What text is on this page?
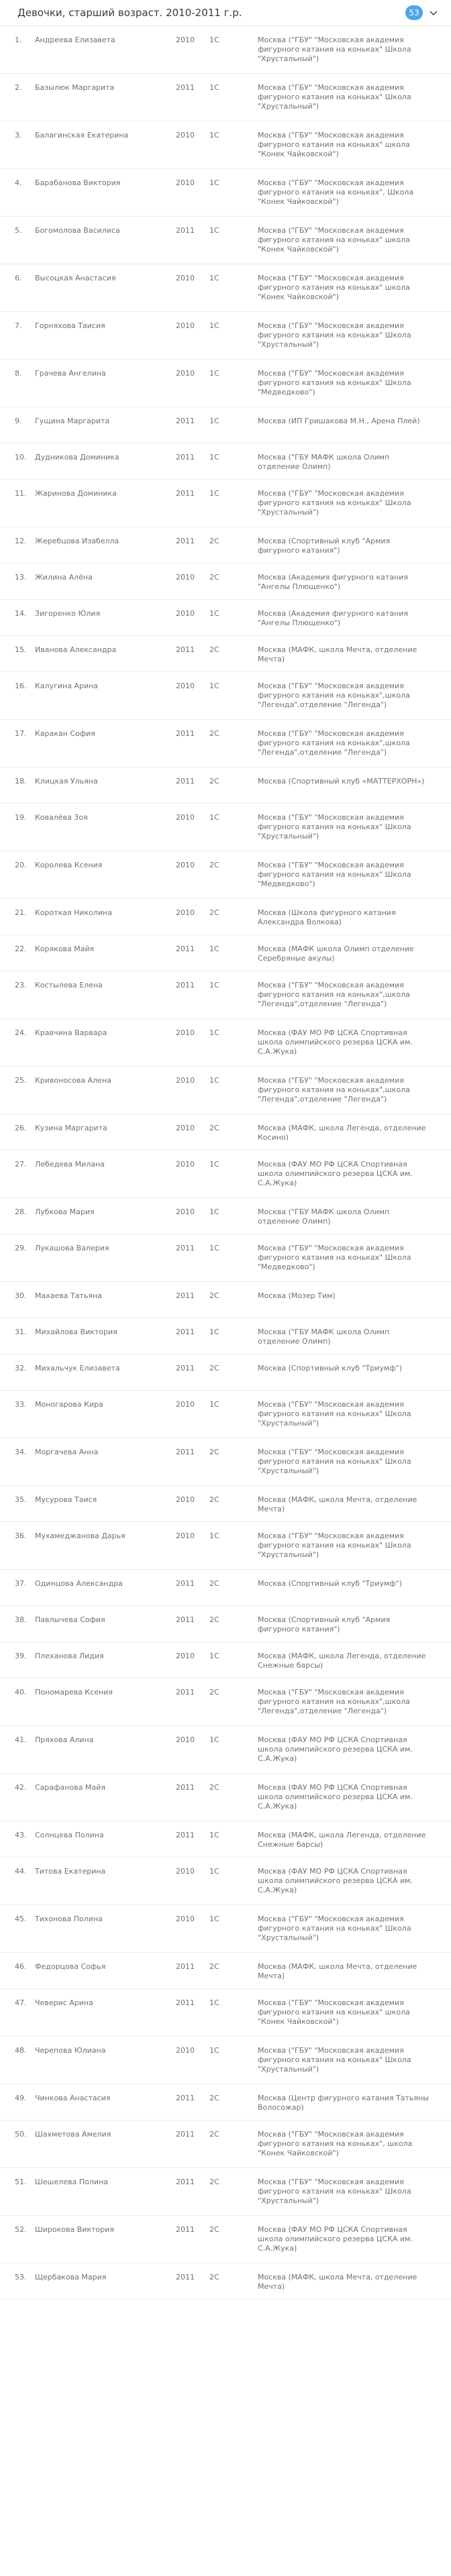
Девочки, старший возраст. 2010-2011 г.р.	53
1.	Андреева Елизавета	2010 1С	Москва ("ГБУ" "Московская академия фигурного катания на коньках" Школа "Хрустальный")
2.	Базылюк Маргарита	2011 1С	Москва ("ГБУ" "Московская академия фигурного катания на коньках" Школа "Хрустальный")
3.	Балагинская Екатерина	2010 1С	Москва ("ГБУ" "Московская академия фигурного катания на коньках" школа "Конек Чайковской")
4.	Барабанова Виктория	2010 1С	Москва ("ГБУ" "Московская академия фигурного катания на коньках", Школа "Конек Чайковской")
5.	Богомолова Василиса	2011 1С	Москва ("ГБУ" "Московская академия фигурного катания на коньках" школа "Конек Чайковской")
6.	Высоцкая Анастасия	2010 1С	Москва ("ГБУ" "Московская академия фигурного катания на коньках" школа "Конек Чайковской")
7.	Горняхова Таисия	2010 1С	Москва ("ГБУ" "Московская академия фигурного катания на коньках" Школа "Хрустальный")
8.	Грачева Ангелина	2010 1С	Москва ("ГБУ" "Московская академия фигурного катания на коньках" Школа "Медведково")
9.	Гущина Маргарита	2011 1С	Москва (ИП Гришакова М.Н., Арена Плей)
10.	Дудникова Доминика	2011 1С	Москва ("ГБУ МАФК школа Олимп отделение Олимп)
11.	Жаринова Доминика	2011 1С	Москва ("ГБУ" "Московская академия фигурного катания на коньках" Школа "Хрустальный")
12.	Жеребцова Изабелла	2011 2С	Москва (Спортивный клуб "Армия фигурного катания")
13.	Жилина Алёна	2010 2С	Москва (Академия фигурного катания "Ангелы Плющенко")
14.	Зигоренко Юлия	2010 1С	Москва (Академия фигурного катания "Ангелы Плющенко")
15.	Иванова Александра	2011 2С	Москва (МАФК, школа Мечта, отделение Мечта)
16.	Калугина Арина	2010 1С	Москва ("ГБУ" "Московская академия фигурного катания на коньках",школа "Легенда",отделение "Легенда")
17.	Каракан София	2011 2С	Москва ("ГБУ" "Московская академия фигурного катания на коньках",школа "Легенда",отделение "Легенда")
18.	Клицкая Ульяна	2011 2С	Москва (Спортивный клуб «МАТТЕРХОРН»)
19.	Ковалёва Зоя	2010 1С	Москва ("ГБУ" "Московская академия фигурного катания на коньках" Школа "Хрустальный")
20.	Королева Ксения	2010 2С	Москва ("ГБУ" "Московская академия фигурного катания на коньках" Школа "Медведково")
21.	Короткая Николина	2010 2С	Москва (Школа фигурного катания Александра Волкова)
22.	Корякова Майя	2011 1С	Москва (МАФК школа Олимп отделение Серебряные акулы)
23.	Костылева Елена	2011 1С	Москва ("ГБУ" "Московская академия фигурного катания на коньках",школа "Легенда",отделение "Легенда")
24.	Кравчина Варвара	2010 1С	Москва (ФАУ МО РФ ЦСКА Спортивная школа олимпийского резерва ЦСКА им. С.А.Жука)
25.	Кривоносова Алена	2010 1С	Москва ("ГБУ" "Московская академия фигурного катания на коньках",школа "Легенда",отделение "Легенда")
26.	Кузина Маргарита	2010 2С	Москва (МАФК, школа Легенда, отделение Косино)
27.	Лебедева Милана	2010 1С	Москва (ФАУ МО РФ ЦСКА Спортивная школа олимпийского резерва ЦСКА им. С.А.Жука)
28.	Лубкова Мария	2010 1С	Москва ("ГБУ МАФК школа Олимп отделение Олимп)
29.	Лукашова Валерия	2011 1С	Москва ("ГБУ" "Московская академия фигурного катания на коньках" Школа "Медведково")
30.	Махаева Татьяна	2011 2С	Москва (Мозер Тим)
31.	Михайлова Виктория	2011 1С	Москва ("ГБУ МАФК школа Олимп отделение Олимп)
32.	Михальчук Елизавета	2011 2С	Москва (Спортивный клуб "Триумф")
33.	Моногарова Кира	2010 1С	Москва ("ГБУ" "Московская академия фигурного катания на коньках" Школа "Хрустальный")
34.	Моргачева Анна	2011 2С	Москва ("ГБУ" "Московская академия фигурного катания на коньках" Школа "Хрустальный")
35.	Мусурова Таися	2010 2С	Москва (МАФК, школа Мечта, отделение Мечта)
36.	Мухамеджанова Дарья	2010 1С	Москва ("ГБУ" "Московская академия фигурного катания на коньках" Школа "Хрустальный")
37.	Одинцова Александра	2011 2С	Москва (Спортивный клуб "Триумф")
38.	Павлычева София	2011 2С	Москва (Спортивный клуб "Армия фигурного катания")
39.	Плеханова Лидия	2010 1С	Москва (МАФК, школа Легенда, отделение Снежные барсы)
40.	Пономарева Ксения	2011 2С	Москва ("ГБУ" "Московская академия фигурного катания на коньках",школа "Легенда",отделение "Легенда")
41.	Пряхова Алина	2010 1С	Москва (ФАУ МО РФ ЦСКА Спортивная школа олимпийского резерва ЦСКА им. С.А.Жука)
42.	Сарафанова Майя	2011 2С	Москва (ФАУ МО РФ ЦСКА Спортивная школа олимпийского резерва ЦСКА им. С.А.Жука)
43.	Солнцева Полина	2011 1С	Москва (МАФК, школа Легенда, отделение Снежные барсы)
44.	Титова Екатерина	2010 1С	Москва (ФАУ МО РФ ЦСКА Спортивная школа олимпийского резерва ЦСКА им. С.А.Жука)
45.	Тихонова Полина	2010 1С	Москва ("ГБУ" "Московская академия фигурного катания на коньках" Школа "Хрустальный")
46.	Федорцова Софья	2011 2С	Москва (МАФК, школа Мечта, отделение Мечта)
47.	Чеверис Арина	2011 1С	Москва ("ГБУ" "Московская академия фигурного катания на коньках" школа "Конек Чайковской")
48.	Черепова Юлиана	2010 1С	Москва ("ГБУ" "Московская академия фигурного катания на коньках" Школа "Хрустальный")
49.	Чинкова Анастасия	2011 2С	Москва (Центр фигурного катания Татьяны Волосожар)
50.	Шахметова Амелия	2011 2С	Москва ("ГБУ" "Московская академия фигурного катания на коньках", школа "Конек Чайковской")
51.	Шешелева Полина	2011 2С	Москва ("ГБУ" "Московская академия фигурного катания на коньках" Школа "Хрустальный")
52.	Широкова Виктория	2011 2С	Москва (ФАУ МО РФ ЦСКА Спортивная школа олимпийского резерва ЦСКА им. С.А.Жука)
53.	Щербакова Мария	2011 2С	Москва (МАФК, школа Мечта, отделение Мечта)
